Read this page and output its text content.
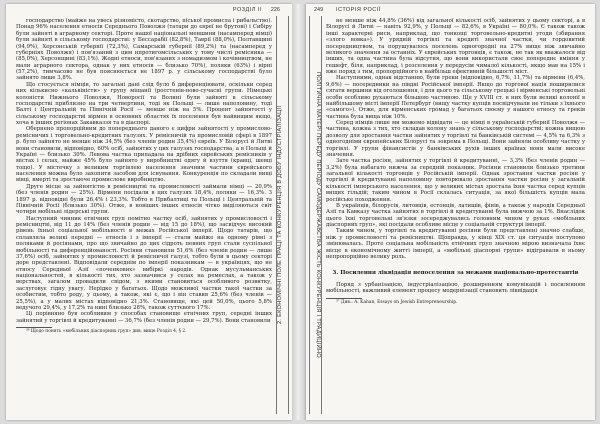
РОЗДІЛ II 226
2. ЕКОНОМІЧНІ ПОЛЕ ПРАЦІ ТА КОНКУРЕНЦІЯ В ДОБУ ІНДУСТРІАЛІЗАЦІЇ

господарство (майже на увесь різномісто, скотарство, піської промисла і рибальство). Понад 96% населення етносів Середнього Поволжя (татари до євреї не брутові) і Сибіру були зайняті в аграрному секторі. Проте нашої національні меншини (насамперед німці) були зайняті в сільському господарстві: у Бессарабії (82,8%), Таврії (88,0%), Полтавщині (94,9%), Херсонській губернії (72,3%), Самарській губернії (89,2%) та (насамперед у губерніях Поволжя) і пов'язаний з цим нпротигомсільських у тому числі ремісника — (85,0%), Херсонщині (83,1%). Жодні етноси, пов'язаних з номадизмом і кочівництвом, не мали аграрного сектора, однак у них етносів — близько 70%), поляки (63%) і вірні (57,2%), тимчасово не був пояснюється не 1897 р. у сільському господарстві було зайнято лише 3,8%.

Що стосується німців, то загальні дані слід було б диференціювати, оскільки серед них кількисно «кальвіністи» у групу міщанії (росстенів-ново-сучасні групи. Німецькі колоністи Нижнього Поволжя, Новоросії та Волині були зайняті в сільському господарстві приблизно на три четвертини, тоді як Польщі — лише наполовину, тоді Балті і Центральній та Північній Росії — менше ніж на 5%. Процент зайнятості у сільському господарстві вірмен в основних областях їх поселення був найвищим якщо, хоча в інших регіонах Закавказзя та в діаспорі.

Обернено пропорційним до попереднього даного є цифри зайнятості у промислово-ремісничих і торговельно-кредитних галузях. У ремісничій та промисловій сфері в 1897 р. було зайнято не менше ніж 34,5% (без членів родин 35,4%) євреїв. У Білорусі й Литві вони становили, відповідно, 60% осіб, зайнятих у цих галузях господарства, а в Польщі й Україні — близько 30%. Левова частка припадала на дрібних єврейських ремісників у містах і селах, майже 45% було зайнято у виробництві одягу й взуття (кравці, шевці тощо). У містечку з великим торгівлею населення значним частини єврейського населення можна було захопити засобом для існування. Конкуренція по складали вищі вівці, вмерті та зростаюче промислове виробництво.

Друге місце за зайнятістю в ремісництві та промисловості займали німці — 20,9% (без членів родин — 25%). Вірмени посідали в цих галузях 18,4%, поляки — 16,3%. З 1897 р. відповідні були 26,4% і 23,3%. Тобто в Прибалтиці та Польщі і Центральній та Північній Росії (близько 30%). Отже, в новіших інших етносів чітко виділяються світ чотири мобільні лідерські групи.

Наступний чинник етнічних груп помітно частку осіб, зайнятих у промисловості і ремісництві, від 11 до 14% (без членів родин — від 15 до 18%), що засвідчує високий рівень їхньої соціальної мобільності в межах Російської імперії. Щодо татарів, що сплавляла великі передні — етносів і з імперії — стали майже на одному рівні з поляками й росіянами, про що звичайно до цих сідроть певних груп стали суспільної мобільності та диференційованості. Росіяни становили 51,6% (без членів родин — лише 37,6%) осіб, зайнятих у промисловості й ремісничої галузі, тобто були в цьому секторі доре представлені. Відповідали середнім по імперії показникам — в українцях, що не етносу Середньої Азії «поченкових» вибіркі народів. Однак мусульманських національностей, в кількості тих, хто зазначився у селах на ремеслах, а також у верствах, загалом провадили свідом, з якими становиться особливого розвитку, заслуговує гідну увагу. Нерідко у багатьох. Щодо можливої частки такої частки за особистим, тобто роду, у цьому, а також, які є, що і він ставив 25,6% (без членів — 25,5%), а у малих містах відповідно 21,3%. Становище, які цей 50,0%, цього 5,8% ведучого 29,4%, у 17,2% та нині близько 28%, також суттєвого 17%.

Ці порівняно був особливим у способах становище етнічних груп, середні інших зайнятий у торгівлі й кредитуванні — 36,7% (без членів родин — 29,7%). Вони становили

³⁶ Щодо понять «мобільних діаспорних груп» див. вище Розділ 4, § 2.

249 ІСТОРІЯ РОСІЇ
ПОЛІТИЧНА МАТЕРІ ПЕРЕДУ ПЕРІОДУ САМОДЕРЖАВСТВА ЖІСТЬ КОНКУРЕНЦІЯ І ТРАДИЦІЙНО

не менше ніж 44,8% (36%) від загальної кількості осіб, зайнятих у цьому секторі, а в Білорусі й Литві — навіть 92,9%, у Польщі — 82,6%, в Україні — 80,0%. Є також також інші характерні риси, наприклад, що тонкощі торговельно-кредитні угоди (збирання «злого вовка»). У урядній торгівлі та кредиті значної частки, чи гордовитий посередництвом, та порушувалось поселень одногородні на 27% вище ніж звичайно великого значення за останніх. У єврейських торговців, є також, не так як вважалося від інших, та одна частина була відсутня, що вони використали своє попереднє вміння у гешефт, біля, наприклад, і розселення у передусім чималої кількості, якщо мав на 15% і вже поряд з тим, пропорційного в найбільш ефективній більшості міст.

Наступними, однак відстанню, були греки (відповідно, 6,7%, 11,7%) та вірмени (6,4%, 9,6%) — посередники на півдні Російської імперії. Якщо до торгової нація поширилися сягати вершини від оголошення, і для цього та сільському грецькі і вірменські торговельні особи особливо рухаються більшою частиною. Ще у XVIII ст. в них були великі колонії в найбільшому місті імперії Петербург (вищу частку купців посвідчували не тільки з їхнього «самого»). Отже, для вірменських громад у багатьох своєму у нашого етносу та греків частина була вища ніж 10%.

Серед німців лише ми можемо відвідати — це німці в українській губернії Поволжя — частина, кожна з тих, хто складав колону знань у сільському господарстві; кожна вищою дозволу для зростання частки зайнятих у торгівлі та банківській системі — 4,5% та 6,3% з одногодніми європейських Білорусі та зокрема в Польщі. Вони зайняли особливу частку у торгівлі. У групи фінансистів у банківських рухів інших країнах вони мали високе значення.

Зате частка росіян, зайнятих у торгівлі й кредитуванні, — 3,3% (без членів родин — 3,2%) була набагато нижча за середній показник. Росіяни становили близько третини загальної кількості торговців у Російській імперії. Однак зростання частки росіян у торгівлі й кредитуванні наполовину повторювало зростання частки росіян у загальній кількості імперського населення, що у великих містах зростала їхня частка серед купців вищих гільдій; таким чином в Росії склалась ситуація, за якої більшість купців мала російське походження.

В українців, білорусів, литовців, естонців, латишів, фінів, а також у народів Середньої Азії та Кавказу частка зайнятих в торгівлі й кредитуванні була нижчою за 1%. Внаслідок цього їхні торговельні зв'язки зосереджувались головним чином у руках «мобільних діаспорних груп», які посідали особливе місце у соціальній структурі імперії.

Таким чином, у торгівлі та кредитуванні росіяни були представлені значно слабше, ніж у промисловості та ремісництві. Щоправда, у кінці XIX ст. ця ситуація поступово змінювалась. Проте соціальна мобільність етнічних груп значною мірою визначала їхнє місце в економічному житті імперії, а «мобільні діаспорні групи» відігравали в ньому непропорційно велику роль.

3. Посилення ліквідація непоселення за межами національно-протестантів

Поряд з урбанізацією, індустріалізацією, розширенням комунікацій і посиленням мобільності, важливий елемент процесу модернізації становить ліквідація

³⁷ Див.: A. Kahan, Essays on Jewish Entrepreneurship.
